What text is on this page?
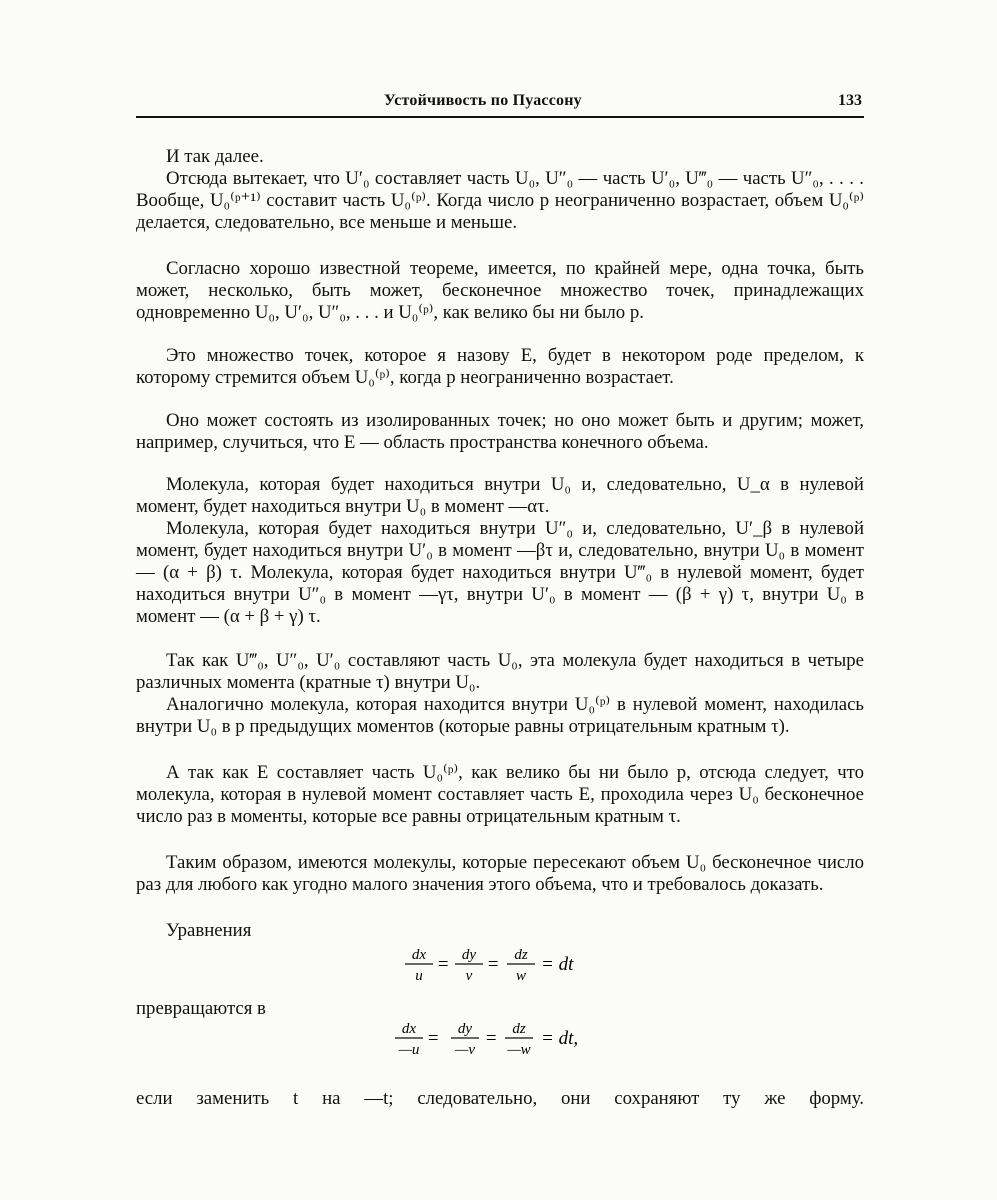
Устойчивость по Пуассону	133
И так далее.
Отсюда вытекает, что U′₀ составляет часть U₀, U″₀ — часть U′₀, U‴₀ — часть U″₀, . . . . Вообще, U₀⁽ᵖ⁺¹⁾ составит часть U₀⁽ᵖ⁾. Когда число p неограниченно возрастает, объем U₀⁽ᵖ⁾ делается, следовательно, все меньше и меньше.
Согласно хорошо известной теореме, имеется, по крайней мере, одна точка, быть может, несколько, быть может, бесконечное множество точек, принадлежащих одновременно U₀, U′₀, U″₀, . . . и U₀⁽ᵖ⁾, как велико бы ни было p.
Это множество точек, которое я назову E, будет в некотором роде пределом, к которому стремится объем U₀⁽ᵖ⁾, когда p неограниченно возрастает.
Оно может состоять из изолированных точек; но оно может быть и другим; может, например, случиться, что E — область пространства конечного объема.
Молекула, которая будет находиться внутри U₀ и, следовательно, U_α в нулевой момент, будет находиться внутри U₀ в момент —ατ.
Молекула, которая будет находиться внутри U″₀ и, следовательно, U′_β в нулевой момент, будет находиться внутри U′₀ в момент —βτ и, следовательно, внутри U₀ в момент — (α + β) τ. Молекула, которая будет находиться внутри U‴₀ в нулевой момент, будет находиться внутри U″₀ в момент —γτ, внутри U′₀ в момент — (β + γ) τ, внутри U₀ в момент — (α + β + γ) τ.
Так как U‴₀, U″₀, U′₀ составляют часть U₀, эта молекула будет находиться в четыре различных момента (кратные τ) внутри U₀.
Аналогично молекула, которая находится внутри U₀⁽ᵖ⁾ в нулевой момент, находилась внутри U₀ в p предыдущих моментов (которые равны отрицательным кратным τ).
А так как E составляет часть U₀⁽ᵖ⁾, как велико бы ни было p, отсюда следует, что молекула, которая в нулевой момент составляет часть E, проходила через U₀ бесконечное число раз в моменты, которые все равны отрицательным кратным τ.
Таким образом, имеются молекулы, которые пересекают объем U₀ бесконечное число раз для любого как угодно малого значения этого объема, что и требовалось доказать.
Уравнения
dx
u
= dy
v
= dz
w
= dt
превращаются в
dx
—u
= dy
—v
= dz
—w
= dt,
если заменить t на —t; следовательно, они сохраняют ту же форму.
